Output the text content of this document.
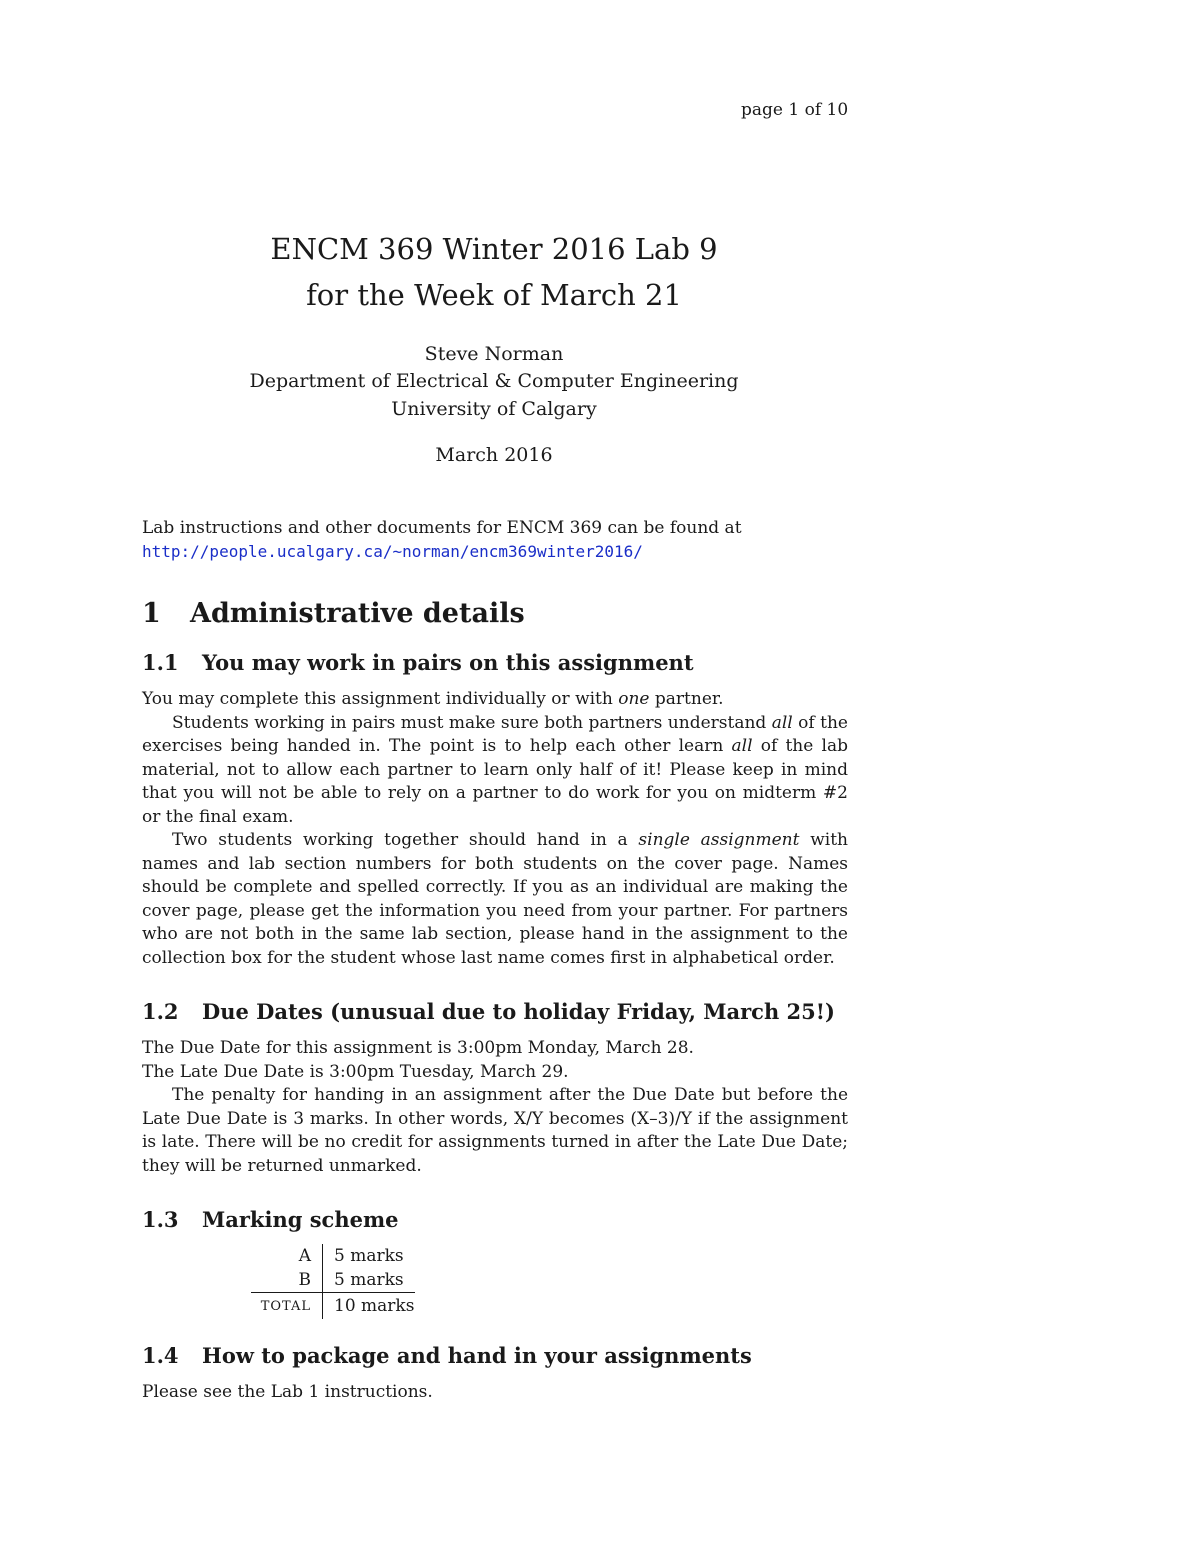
page 1 of 10
ENCM 369 Winter 2016 Lab 9
for the Week of March 21
Steve Norman
Department of Electrical & Computer Engineering
University of Calgary
March 2016
Lab instructions and other documents for ENCM 369 can be found at
http://people.ucalgary.ca/~norman/encm369winter2016/
1 Administrative details
1.1 You may work in pairs on this assignment

You may complete this assignment individually or with one partner.

Students working in pairs must make sure both partners understand all of the exercises being handed in. The point is to help each other learn all of the lab material, not to allow each partner to learn only half of it! Please keep in mind that you will not be able to rely on a partner to do work for you on midterm #2 or the final exam.

Two students working together should hand in a single assignment with names and lab section numbers for both students on the cover page. Names should be complete and spelled correctly. If you as an individual are making the cover page, please get the information you need from your partner. For partners who are not both in the same lab section, please hand in the assignment to the collection box for the student whose last name comes first in alphabetical order.

1.2 Due Dates (unusual due to holiday Friday, March 25!)

The Due Date for this assignment is 3:00pm Monday, March 28.

The Late Due Date is 3:00pm Tuesday, March 29.

The penalty for handing in an assignment after the Due Date but before the Late Due Date is 3 marks. In other words, X/Y becomes (X–3)/Y if the assignment is late. There will be no credit for assignments turned in after the Late Due Date; they will be returned unmarked.

1.3 Marking scheme
A	5 marks
B	5 marks
TOTAL	10 marks
1.4 How to package and hand in your assignments

Please see the Lab 1 instructions.
